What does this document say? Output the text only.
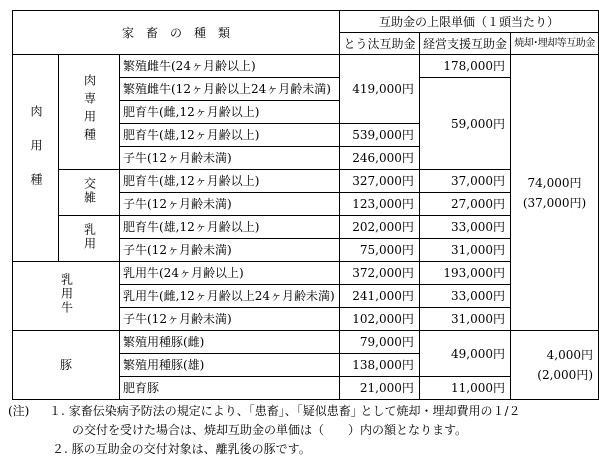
家　畜　の　種　類			互助金の上限単価（１頭当たり）		
			とう汰互助金	経営支援互助金	焼却･埋却等互助金
肉用種	肉専用種	繁殖雌牛(24ヶ月齢以上)	419,000円	178,000円	74,000円
(37,000円)

		繁殖雌牛(12ヶ月齢以上24ヶ月齢未満)		59,000円	
		肥育牛(雌,12ヶ月齢以上)			
		肥育牛(雄,12ヶ月齢以上)	539,000円		
		子牛(12ヶ月齢未満)	246,000円		
	交雑	肥育牛(雄,12ヶ月齢以上)	327,000円	37,000円	
		子牛(12ヶ月齢未満)	123,000円	27,000円	
	乳用	肥育牛(雄,12ヶ月齢以上)	202,000円	33,000円	
		子牛(12ヶ月齢未満)	75,000円	31,000円	
乳用牛		乳用牛(24ヶ月齢以上)	372,000円	193,000円	
		乳用牛(雌,12ヶ月齢以上24ヶ月齢未満)	241,000円	33,000円	
		子牛(12ヶ月齢未満)	102,000円	31,000円	
豚		繁殖用種豚(雌)	79,000円	49,000円	4,000円
(2,000円)

		繁殖用種豚(雄)	138,000円		
		肥育豚	21,000円	11,000円	
(注) １. 家畜伝染病予防法の規定により、｢患畜｣、｢疑似患畜｣ として焼却・埋却費用の１/２
の交付を受けた場合は、焼却互助金の単価は（　　）内の額となります。
２. 豚の互助金の交付対象は、離乳後の豚です。
